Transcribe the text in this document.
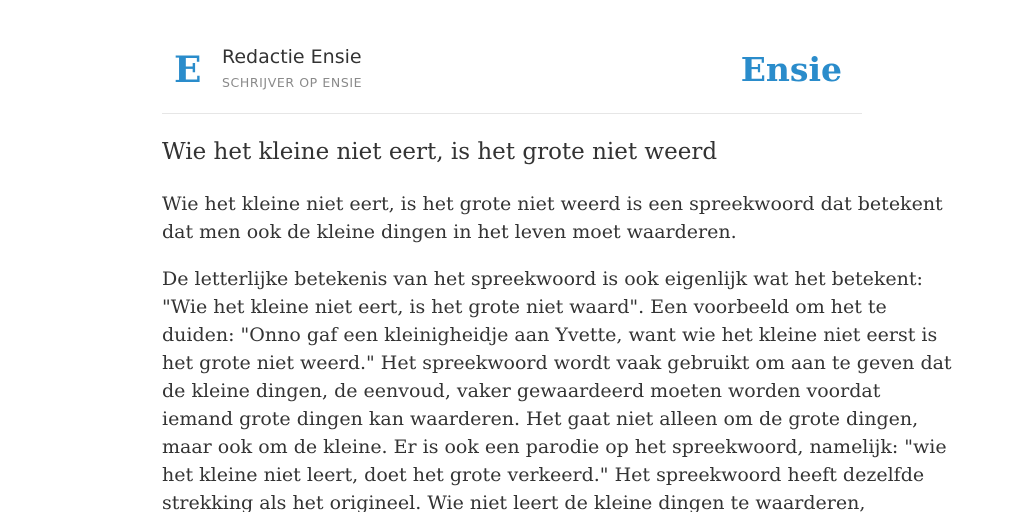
E Redactie Ensie
SCHRIJVER OP ENSIE	Ensie
Wie het kleine niet eert, is het grote niet weerd

Wie het kleine niet eert, is het grote niet weerd is een spreekwoord dat betekent
dat men ook de kleine dingen in het leven moet waarderen.

De letterlijke betekenis van het spreekwoord is ook eigenlijk wat het betekent:
"Wie het kleine niet eert, is het grote niet waard". Een voorbeeld om het te
duiden: "Onno gaf een kleinigheidje aan Yvette, want wie het kleine niet eerst is
het grote niet weerd." Het spreekwoord wordt vaak gebruikt om aan te geven dat
de kleine dingen, de eenvoud, vaker gewaardeerd moeten worden voordat
iemand grote dingen kan waarderen. Het gaat niet alleen om de grote dingen,
maar ook om de kleine. Er is ook een parodie op het spreekwoord, namelijk: "wie
het kleine niet leert, doet het grote verkeerd." Het spreekwoord heeft dezelfde
strekking als het origineel. Wie niet leert de kleine dingen te waarderen,
